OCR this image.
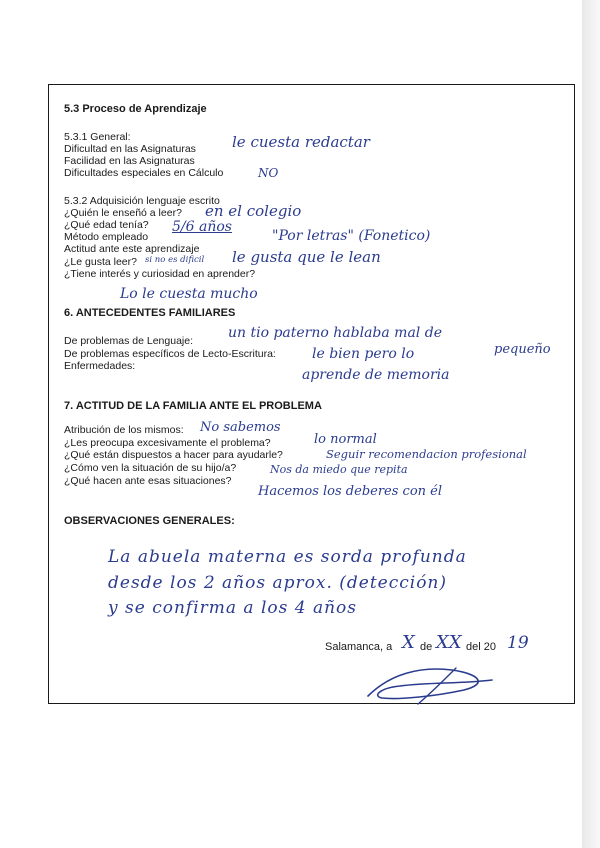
5.3 Proceso de Aprendizaje
5.3.1 General:
Dificultad en las Asignaturas le cuesta redactar
Facilidad en las Asignaturas
Dificultades especiales en Cálculo	NO
5.3.2 Adquisición lenguaje escrito
¿Quién le enseñó a leer? en el colegio
¿Qué edad tenía? 5/6 años
Método empleado	"Por letras" (Fonetico)
Actitud ante este aprendizaje
¿Le gusta leer? si no es dificil le gusta que le lean
¿Tiene interés y curiosidad en aprender?
Lo le cuesta mucho
6. ANTECEDENTES FAMILIARES
De problemas de Lenguaje: un tio paterno hablaba mal de
pequeño
De problemas específicos de Lecto-Escritura:	le bien pero lo
aprende de memoria
Enfermedades:
7. ACTITUD DE LA FAMILIA ANTE EL PROBLEMA
Atribución de los mismos: No sabemos
¿Les preocupa excesivamente el problema?	lo normal
¿Qué están dispuestos a hacer para ayudarle?	Seguir recomendacion profesional
¿Cómo ven la situación de su hijo/a?	Nos da miedo que repita
¿Qué hacen ante esas situaciones?
Hacemos los deberes con él
OBSERVACIONES GENERALES:
La abuela materna es sorda profunda
desde los 2 años aprox. (detección)
y se confirma a los 4 años
Salamanca, a X de XX del 20 19
